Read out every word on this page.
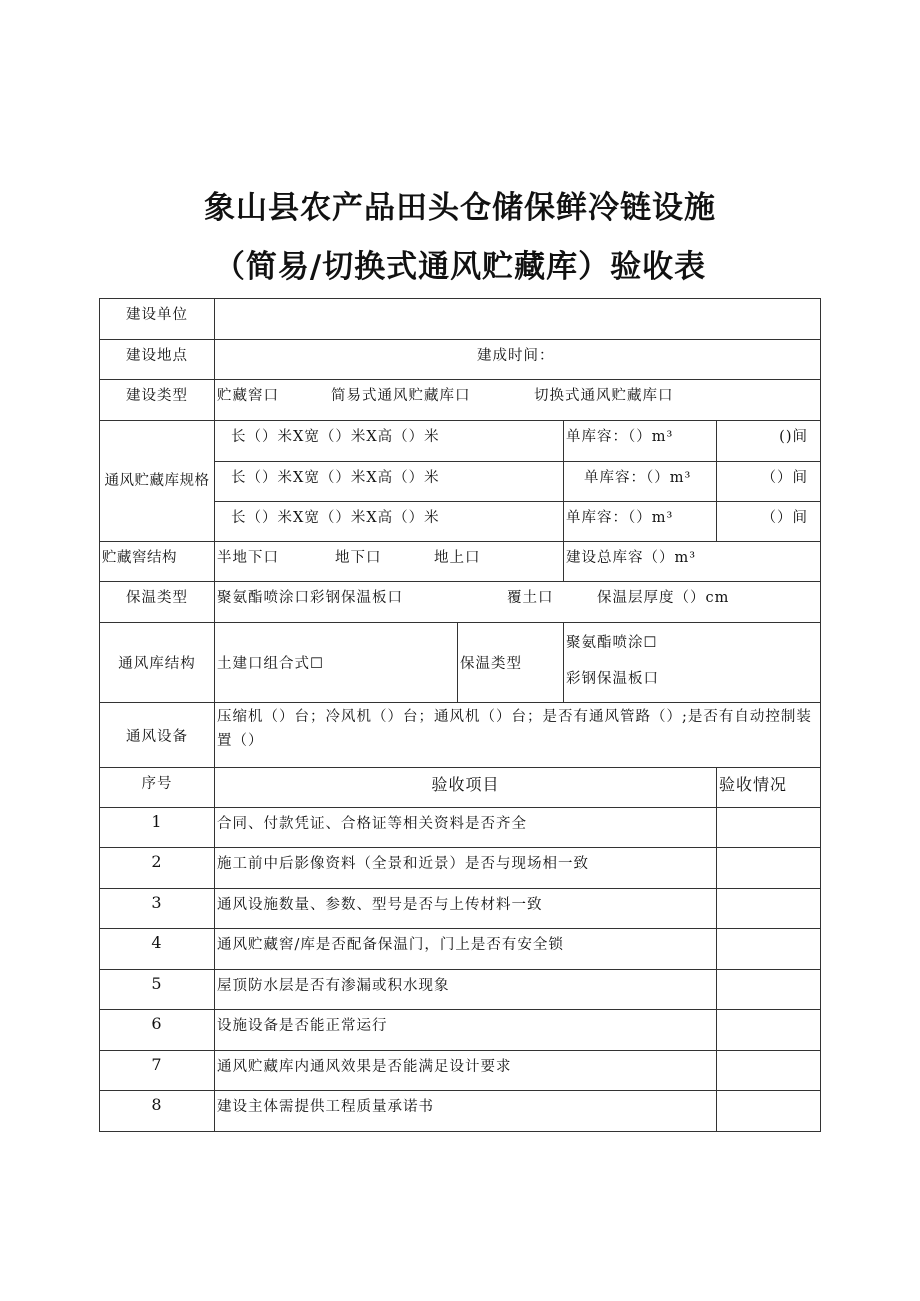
象山县农产品田头仓储保鲜冷链设施
（简易/切换式通风贮藏库）验收表
建设单位				
建设地点	建成时间：			
建设类型	贮藏窖口 简易式通风贮藏库口 切换式通风贮藏库口			
通风贮藏库规格	长（）米X宽（）米X高（）米		单库容：（）m³	()间
	长（）米X宽（）米X高（）米		单库容：（）m³	（）间
	长（）米X宽（）米X高（）米		单库容：（）m³	（）间
贮藏窖结构	半地下口 地下口 地上口		建设总库容（）m³	
保温类型	聚氨酯喷涂口彩钢保温板口 覆土口 保温层厚度（）cm			
通风库结构	土建口组合式☐	保温类型	聚氨酯喷涂☐
彩钢保温板口	

通风设备	压缩机（）台；冷风机（）台；通风机（）台；是否有通风管路（）;是否有自动控制装置（）			
序号	验收项目			验收情况
1	合同、付款凭证、合格证等相关资料是否齐全			
2	施工前中后影像资料（全景和近景）是否与现场相一致			
3	通风设施数量、参数、型号是否与上传材料一致			
4	通风贮藏窖/库是否配备保温门，门上是否有安全锁			
5	屋顶防水层是否有渗漏或积水现象			
6	设施设备是否能正常运行			
7	通风贮藏库内通风效果是否能满足设计要求			
8	建设主体需提供工程质量承诺书			
